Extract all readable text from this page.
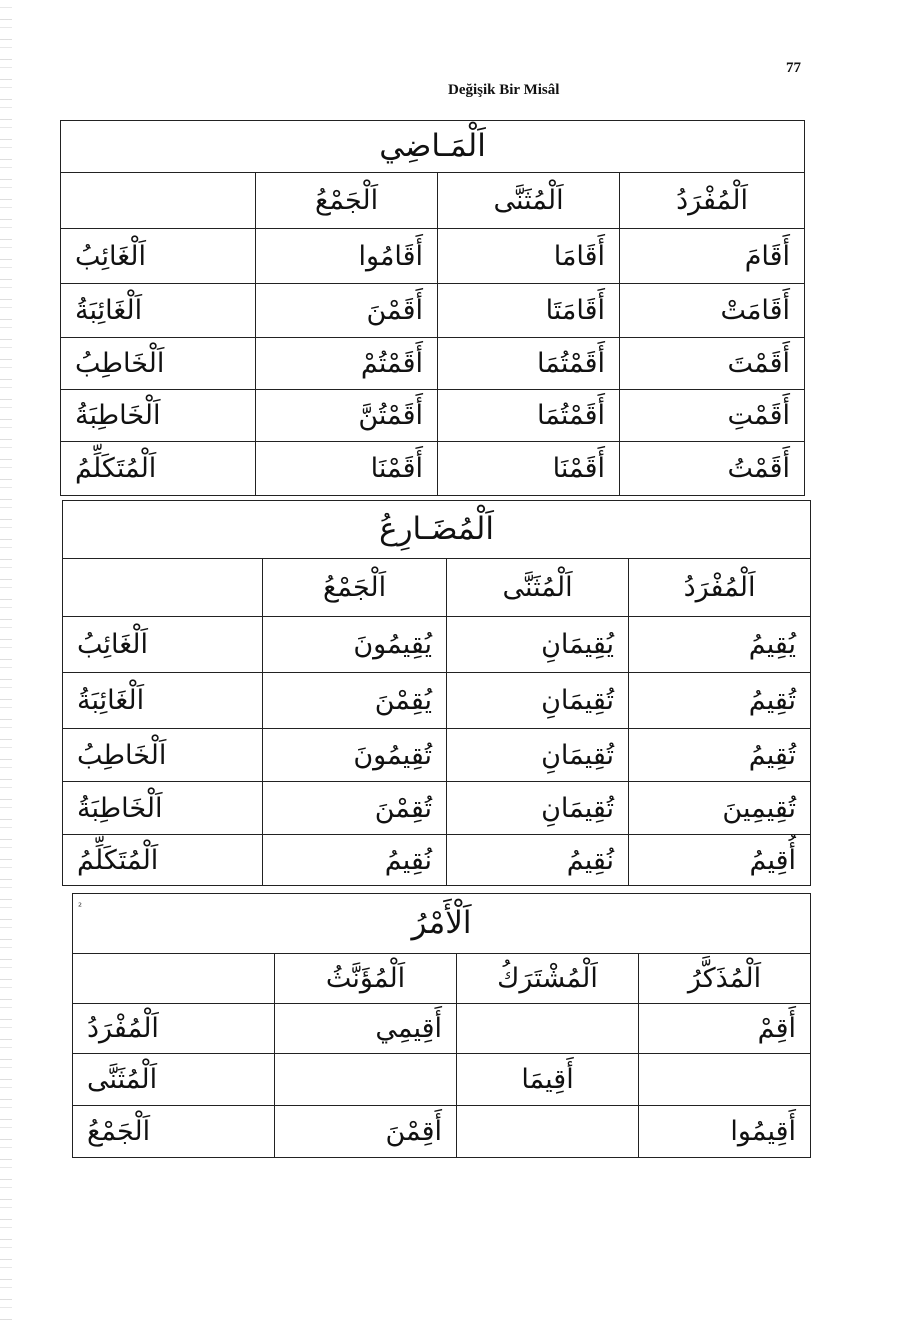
77
Değişik Bir Misâl
اَلْمَـاضِي			
اَلْمُفْرَدُ	اَلْمُثَنَّى	اَلْجَمْعُ	
أَقَامَ	أَقَامَا	أَقَامُوا	اَلْغَائِبُ
أَقَامَتْ	أَقَامَتَا	أَقَمْنَ	اَلْغَائِبَةُ
أَقَمْتَ	أَقَمْتُمَا	أَقَمْتُمْ	اَلْخَاطِبُ
أَقَمْتِ	أَقَمْتُمَا	أَقَمْتُنَّ	اَلْخَاطِبَةُ
أَقَمْتُ	أَقَمْنَا	أَقَمْنَا	اَلْمُتَكَلِّمُ
اَلْمُضَـارِعُ			
اَلْمُفْرَدُ	اَلْمُثَنَّى	اَلْجَمْعُ	
يُقِيمُ	يُقِيمَانِ	يُقِيمُونَ	اَلْغَائِبُ
تُقِيمُ	تُقِيمَانِ	يُقِمْنَ	اَلْغَائِبَةُ
تُقِيمُ	تُقِيمَانِ	تُقِيمُونَ	اَلْخَاطِبُ
تُقِيمِينَ	تُقِيمَانِ	تُقِمْنَ	اَلْخَاطِبَةُ
أُقِيمُ	نُقِيمُ	نُقِيمُ	اَلْمُتَكَلِّمُ
²	اَلْأَمْرُ			
اَلْمُذَكَّرُ	اَلْمُشْتَرَكُ	اَلْمُؤَنَّثُ	
أَقِمْ		أَقِيمِي	اَلْمُفْرَدُ
	أَقِيمَا		اَلْمُثَنَّى
أَقِيمُوا		أَقِمْنَ	اَلْجَمْعُ
